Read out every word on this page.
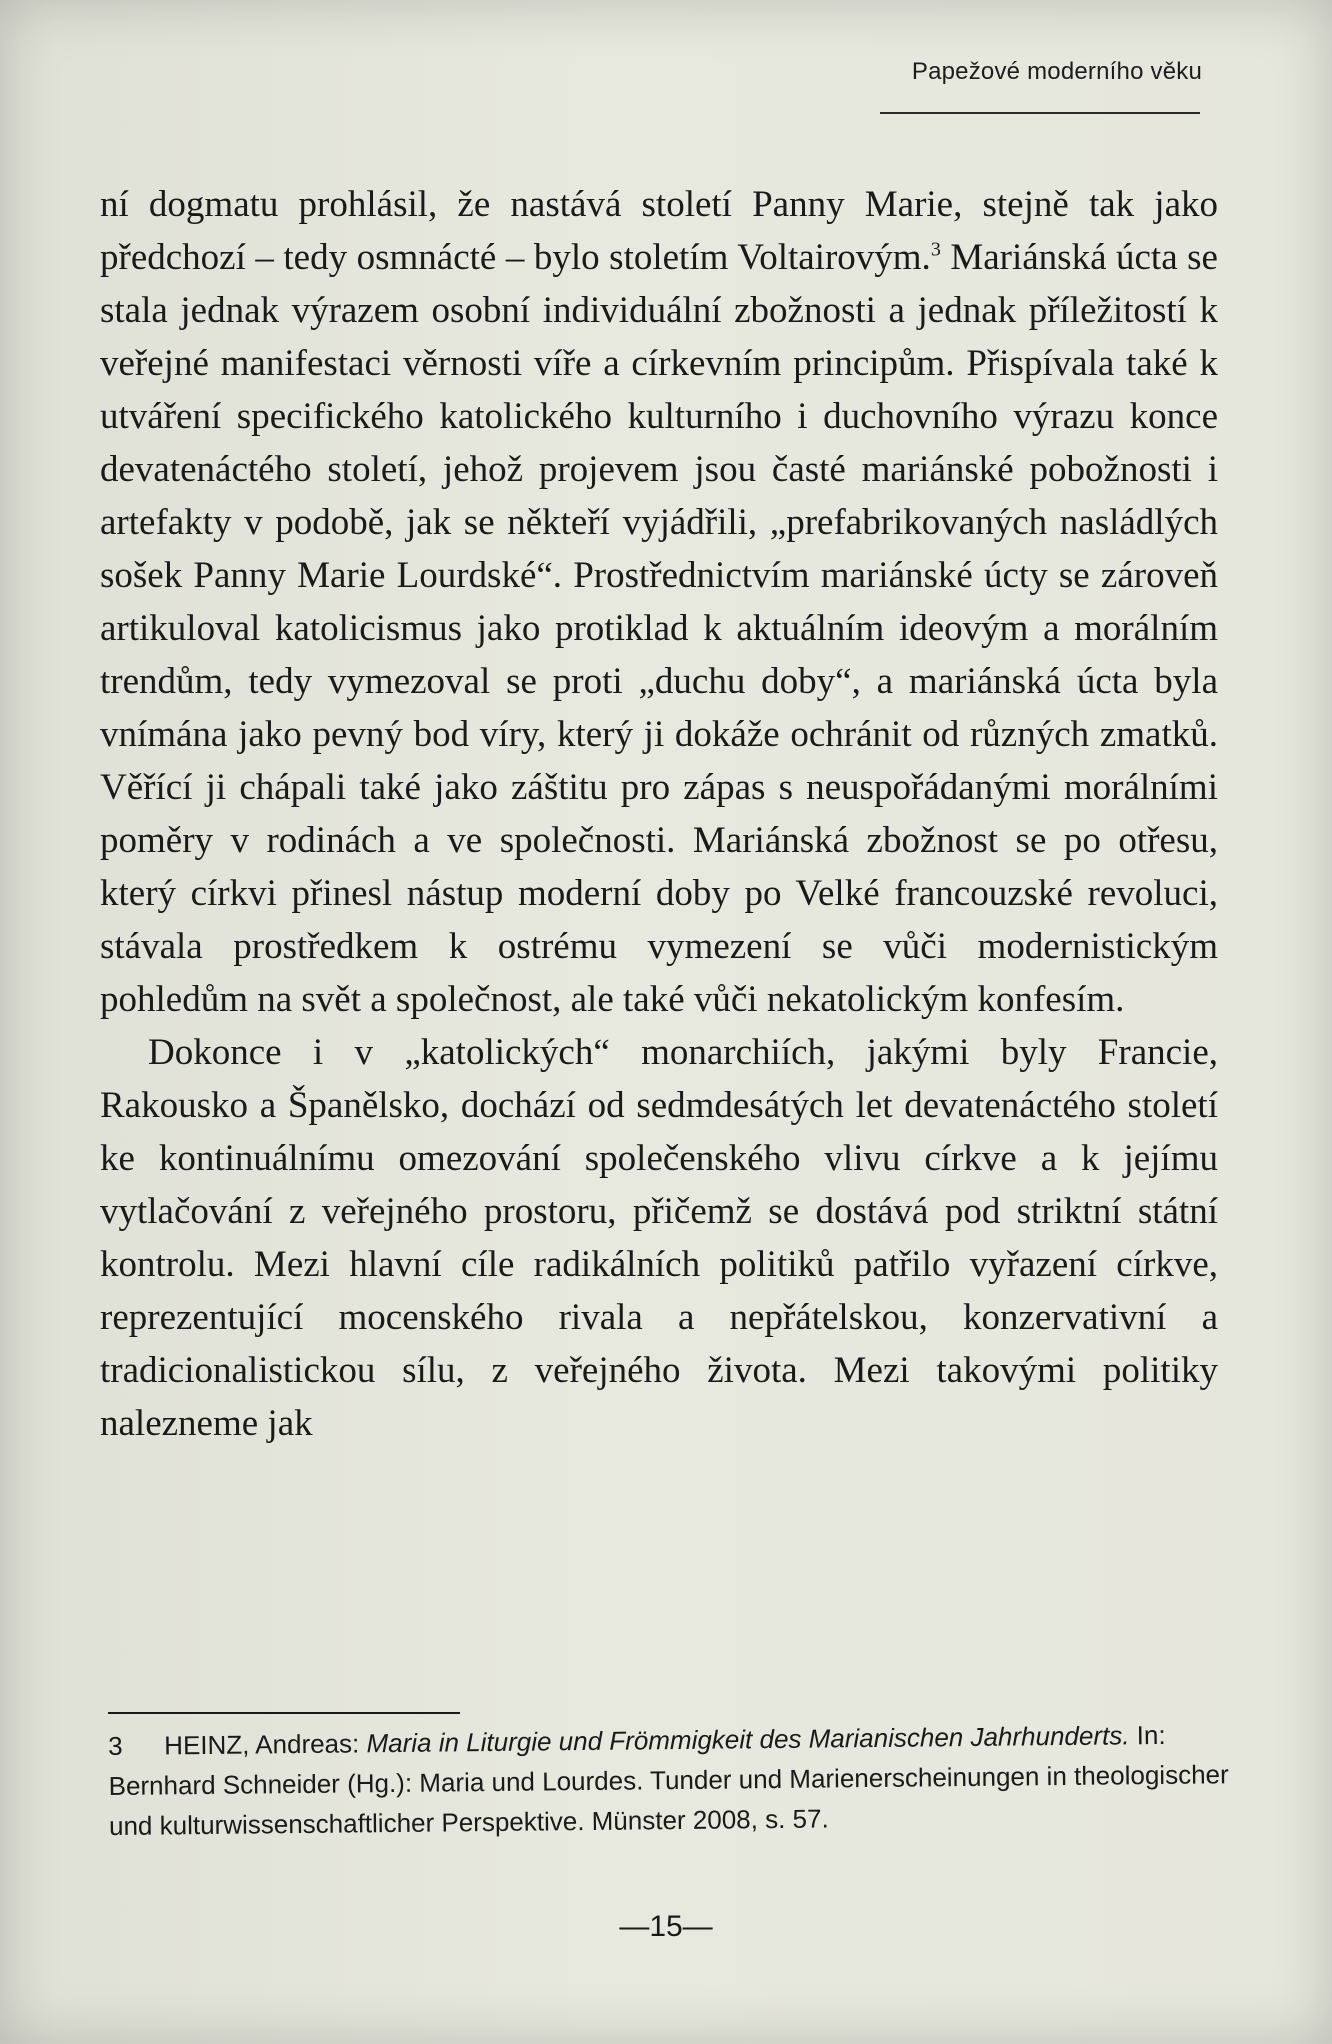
Papežové moderního věku

ní dogmatu prohlásil, že nastává století Panny Marie, stejně tak jako předchozí – tedy osmnácté – bylo stoletím Voltairovým.$^3$ Mariánská úcta se stala jednak výrazem osobní individuální zbožnosti a jednak příležitostí k veřejné manifestaci věrnosti víře a církevním principům. Přispívala také k utváření specifického katolického kulturního i duchovního výrazu konce devatenáctého století, jehož projevem jsou časté mariánské pobožnosti i artefakty v podobě, jak se někteří vyjádřili, „prefabrikovaných nasládlých sošek Panny Marie Lourdské“. Prostřednictvím mariánské úcty se zároveň artikuloval katolicismus jako protiklad k aktuálním ideovým a morálním trendům, tedy vymezoval se proti „duchu doby“, a mariánská úcta byla vnímána jako pevný bod víry, který ji dokáže ochránit od různých zmatků. Věřící ji chápali také jako záštitu pro zápas s neuspořádanými morálními poměry v rodinách a ve společnosti. Mariánská zbožnost se po otřesu, který církvi přinesl nástup moderní doby po Velké francouzské revoluci, stávala prostředkem k ostrému vymezení se vůči modernistickým pohledům na svět a společnost, ale také vůči nekatolickým konfesím.

Dokonce i v „katolických“ monarchiích, jakými byly Francie, Rakousko a Španělsko, dochází od sedmdesátých let devatenáctého století ke kontinuálnímu omezování společenského vlivu církve a k jejímu vytlačování z veřejného prostoru, přičemž se dostává pod striktní státní kontrolu. Mezi hlavní cíle radikálních politiků patřilo vyřazení církve, reprezentující mocenského rivala a nepřátelskou, konzervativní a tradicionalistickou sílu, z veřejného života. Mezi takovými politiky nalezneme jak

3 HEINZ, Andreas: Maria in Liturgie und Frömmigkeit des Marianischen Jahrhunderts. In: Bernhard Schneider (Hg.): Maria und Lourdes. Tunder und Marienerscheinungen in theologischer und kulturwissenschaftlicher Perspektive. Münster 2008, s. 57.
—15—
